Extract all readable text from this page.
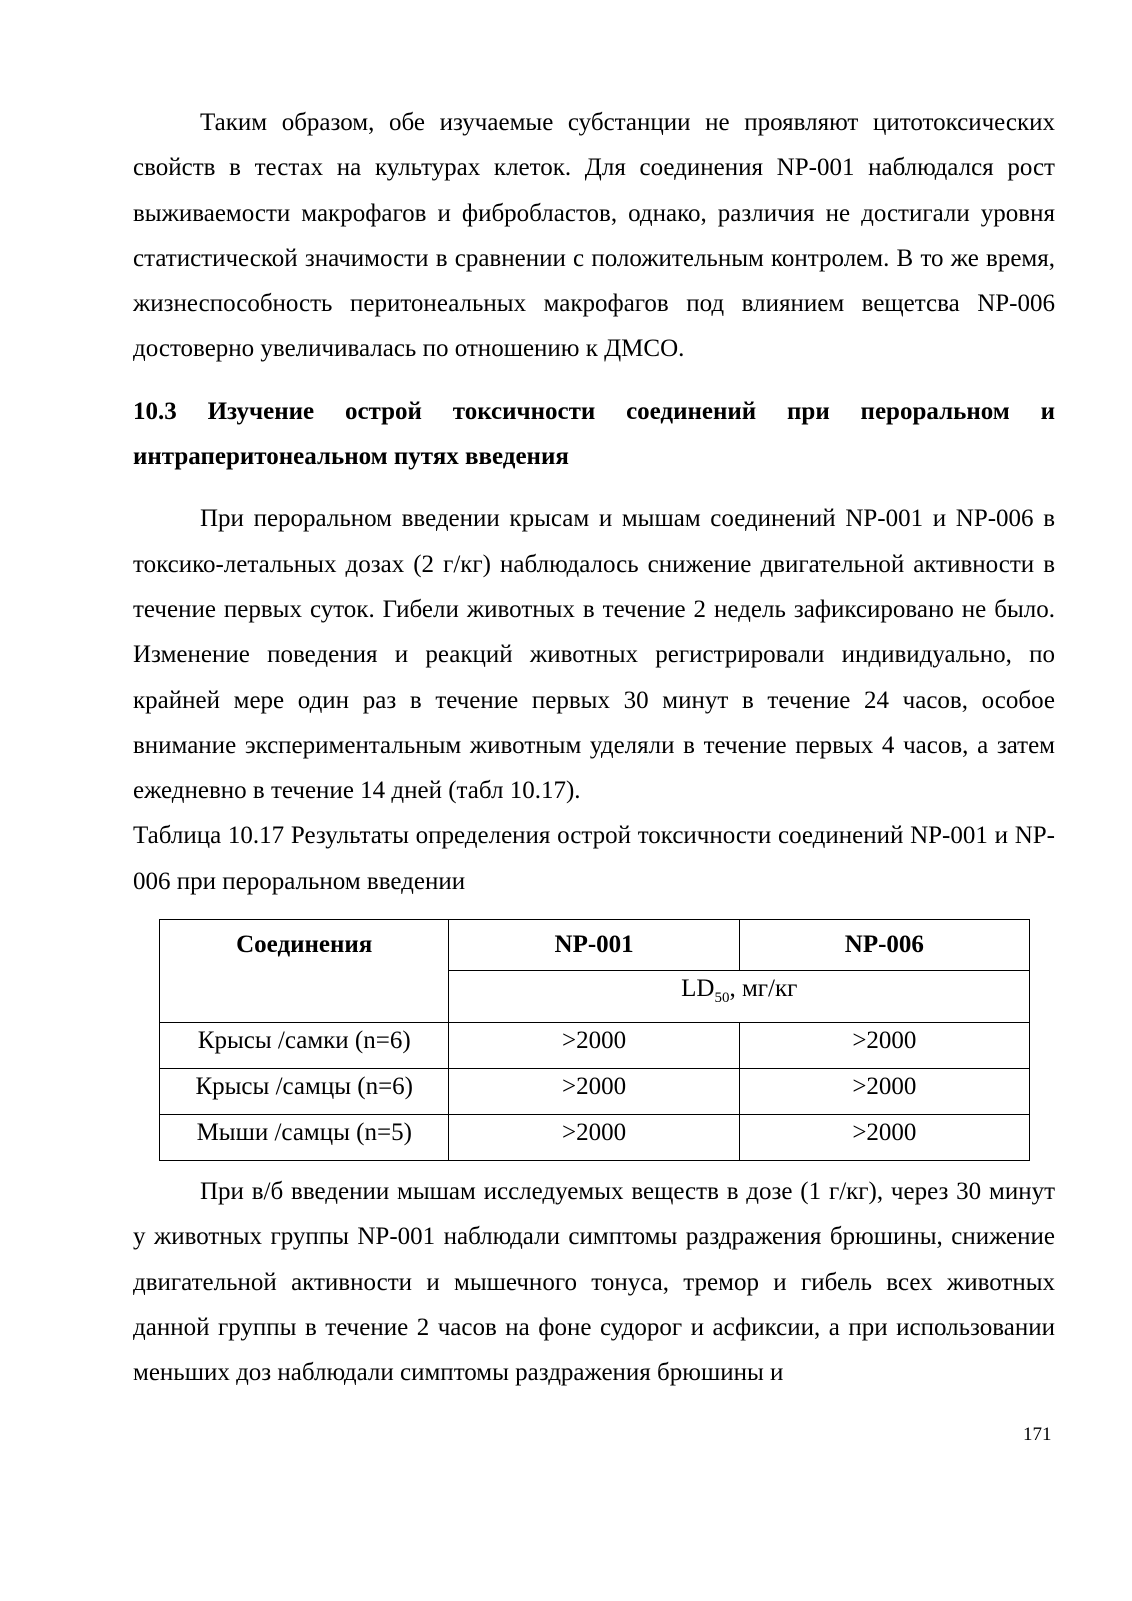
Таким образом, обе изучаемые субстанции не проявляют цитотоксических свойств в тестах на культурах клеток. Для соединения NP-001 наблюдался рост выживаемости макрофагов и фибробластов, однако, различия не достигали уровня статистической значимости в сравнении с положительным контролем. В то же время, жизнеспособность перитонеальных макрофагов под влиянием вещетсва NP-006 достоверно увеличивалась по отношению к ДМСО.

10.3 Изучение острой токсичности соединений при пероральном и интраперитонеальном путях введения

При пероральном введении крысам и мышам соединений NP-001 и NP-006 в токсико-летальных дозах (2 г/кг) наблюдалось снижение двигательной активности в течение первых суток. Гибели животных в течение 2 недель зафиксировано не было. Изменение поведения и реакций животных регистрировали индивидуально, по крайней мере один раз в течение первых 30 минут в течение 24 часов, особое внимание экспериментальным животным уделяли в течение первых 4 часов, а затем ежедневно в течение 14 дней (табл 10.17).

Таблица 10.17 Результаты определения острой токсичности соединений NP-001 и NP-006 при пероральном введении

Соединения	NP-001	NP-006
	$LD_{50}$, мг/кг	
Крысы /самки (n=6)	>2000	>2000
Крысы /самцы (n=6)	>2000	>2000
Мыши /самцы (n=5)	>2000	>2000

При в/б введении мышам исследуемых веществ в дозе (1 г/кг), через 30 минут у животных группы NP-001 наблюдали симптомы раздражения брюшины, снижение двигательной активности и мышечного тонуса, тремор и гибель всех животных данной группы в течение 2 часов на фоне судорог и асфиксии, а при использовании меньших доз наблюдали симптомы раздражения брюшины и

171
